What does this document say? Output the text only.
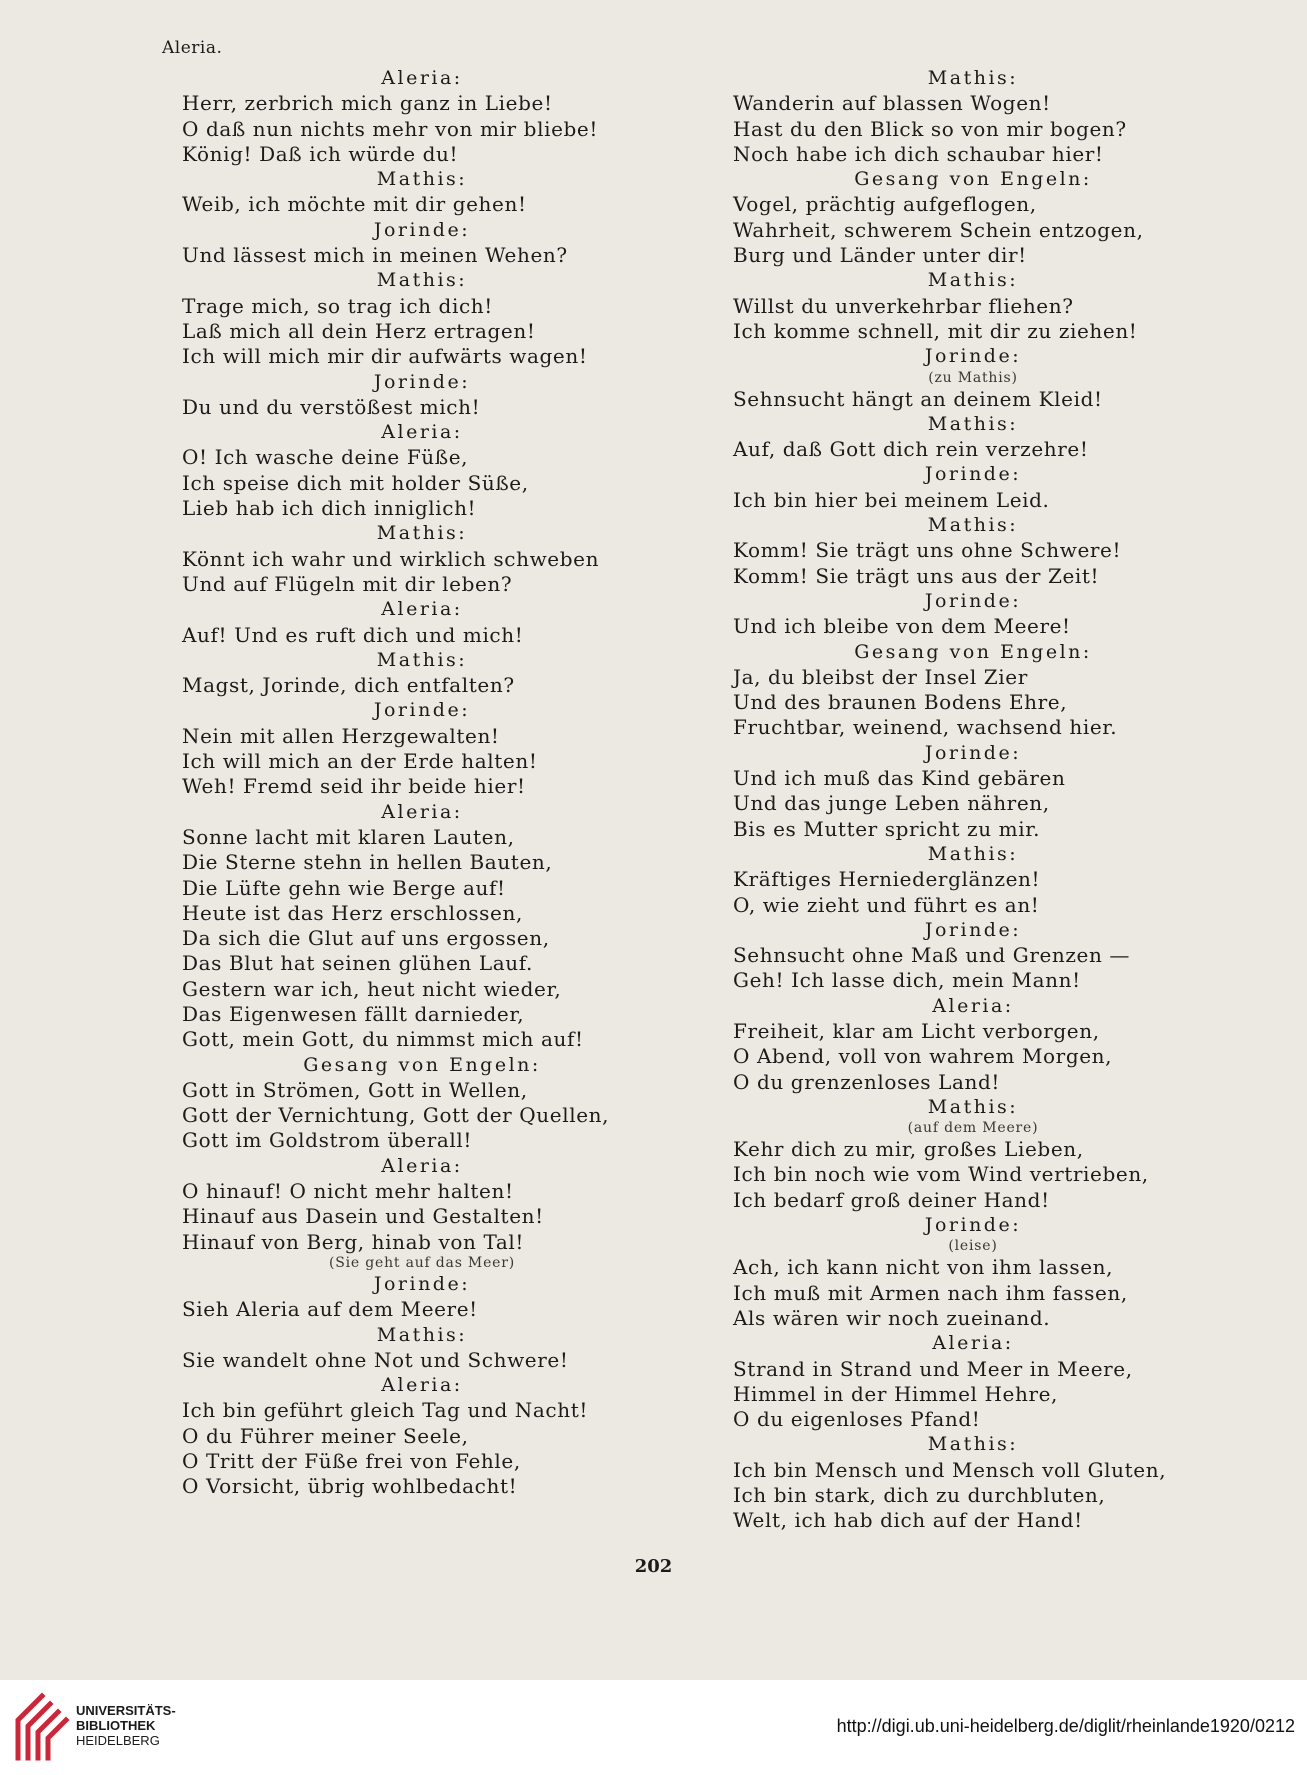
Aleria.
Aleria:
Herr, zerbrich mich ganz in Liebe!
O daß nun nichts mehr von mir bliebe!
König! Daß ich würde du!
Mathis:
Weib, ich möchte mit dir gehen!
Jorinde:
Und lässest mich in meinen Wehen?
Mathis:
Trage mich, so trag ich dich!
Laß mich all dein Herz ertragen!
Ich will mich mir dir aufwärts wagen!
Jorinde:
Du und du verstößest mich!
Aleria:
O! Ich wasche deine Füße,
Ich speise dich mit holder Süße,
Lieb hab ich dich inniglich!
Mathis:
Könnt ich wahr und wirklich schweben
Und auf Flügeln mit dir leben?
Aleria:
Auf! Und es ruft dich und mich!
Mathis:
Magst, Jorinde, dich entfalten?
Jorinde:
Nein mit allen Herzgewalten!
Ich will mich an der Erde halten!
Weh! Fremd seid ihr beide hier!
Aleria:
Sonne lacht mit klaren Lauten,
Die Sterne stehn in hellen Bauten,
Die Lüfte gehn wie Berge auf!
Heute ist das Herz erschlossen,
Da sich die Glut auf uns ergossen,
Das Blut hat seinen glühen Lauf.
Gestern war ich, heut nicht wieder,
Das Eigenwesen fällt darnieder,
Gott, mein Gott, du nimmst mich auf!
Gesang von Engeln:
Gott in Strömen, Gott in Wellen,
Gott der Vernichtung, Gott der Quellen,
Gott im Goldstrom überall!
Aleria:
O hinauf! O nicht mehr halten!
Hinauf aus Dasein und Gestalten!
Hinauf von Berg, hinab von Tal!
(Sie geht auf das Meer)
Jorinde:
Sieh Aleria auf dem Meere!
Mathis:
Sie wandelt ohne Not und Schwere!
Aleria:
Ich bin geführt gleich Tag und Nacht!
O du Führer meiner Seele,
O Tritt der Füße frei von Fehle,
O Vorsicht, übrig wohlbedacht!
Mathis:
Wanderin auf blassen Wogen!
Hast du den Blick so von mir bogen?
Noch habe ich dich schaubar hier!
Gesang von Engeln:
Vogel, prächtig aufgeflogen,
Wahrheit, schwerem Schein entzogen,
Burg und Länder unter dir!
Mathis:
Willst du unverkehrbar fliehen?
Ich komme schnell, mit dir zu ziehen!
Jorinde:
(zu Mathis)
Sehnsucht hängt an deinem Kleid!
Mathis:
Auf, daß Gott dich rein verzehre!
Jorinde:
Ich bin hier bei meinem Leid.
Mathis:
Komm! Sie trägt uns ohne Schwere!
Komm! Sie trägt uns aus der Zeit!
Jorinde:
Und ich bleibe von dem Meere!
Gesang von Engeln:
Ja, du bleibst der Insel Zier
Und des braunen Bodens Ehre,
Fruchtbar, weinend, wachsend hier.
Jorinde:
Und ich muß das Kind gebären
Und das junge Leben nähren,
Bis es Mutter spricht zu mir.
Mathis:
Kräftiges Herniederglänzen!
O, wie zieht und führt es an!
Jorinde:
Sehnsucht ohne Maß und Grenzen —
Geh! Ich lasse dich, mein Mann!
Aleria:
Freiheit, klar am Licht verborgen,
O Abend, voll von wahrem Morgen,
O du grenzenloses Land!
Mathis:
(auf dem Meere)
Kehr dich zu mir, großes Lieben,
Ich bin noch wie vom Wind vertrieben,
Ich bedarf groß deiner Hand!
Jorinde:
(leise)
Ach, ich kann nicht von ihm lassen,
Ich muß mit Armen nach ihm fassen,
Als wären wir noch zueinand.
Aleria:
Strand in Strand und Meer in Meere,
Himmel in der Himmel Hehre,
O du eigenloses Pfand!
Mathis:
Ich bin Mensch und Mensch voll Gluten,
Ich bin stark, dich zu durchbluten,
Welt, ich hab dich auf der Hand!
202
UNIVERSITÄTS-
BIBLIOTHEK
HEIDELBERG
http://digi.ub.uni-heidelberg.de/diglit/rheinlande1920/0212
